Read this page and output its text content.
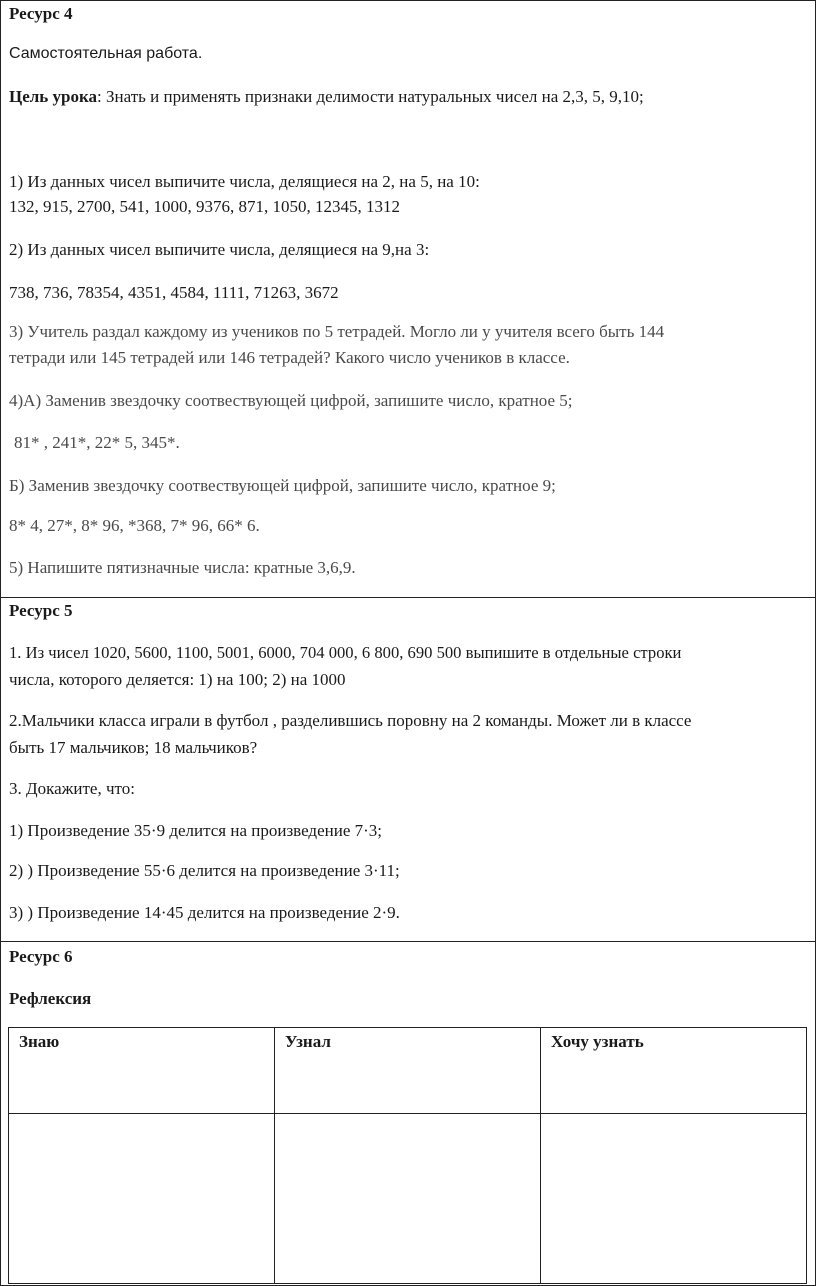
Ресурс 4
Самостоятельная работа.
Цель урока: Знать и применять признаки делимости натуральных чисел на 2,3, 5, 9,10;
1) Из данных чисел выпичите числа, делящиеся на 2, на 5, на 10:
132, 915, 2700, 541, 1000, 9376, 871, 1050, 12345, 1312
2) Из данных чисел выпичите числа, делящиеся на 9,на 3:
738, 736, 78354, 4351, 4584, 1111, 71263, 3672
3) Учитель раздал каждому из учеников по 5 тетрадей. Могло ли у учителя всего быть 144
тетради или 145 тетрадей или 146 тетрадей? Какого число учеников в классе.
4)А) Заменив звездочку соотвествующей цифрой, запишите число, кратное 5;
81* , 241*, 22* 5, 345*.
Б) Заменив звездочку соотвествующей цифрой, запишите число, кратное 9;
8* 4, 27*, 8* 96, *368, 7* 96, 66* 6.
5) Напишите пятизначные числа: кратные 3,6,9.
Ресурс 5
1. Из чисел 1020, 5600, 1100, 5001, 6000, 704 000, 6 800, 690 500 выпишите в отдельные строки
числа, которого деляется: 1) на 100; 2) на 1000
2.Мальчики класса играли в футбол , разделившись поровну на 2 команды. Может ли в классе
быть 17 мальчиков; 18 мальчиков?
3. Докажите, что:
1) Произведение 35·9 делится на произведение 7·3;
2) ) Произведение 55·6 делится на произведение 3·11;
3) ) Произведение 14·45 делится на произведение 2·9.
Ресурс 6
Рефлексия
Знаю	Узнал	Хочу узнать
